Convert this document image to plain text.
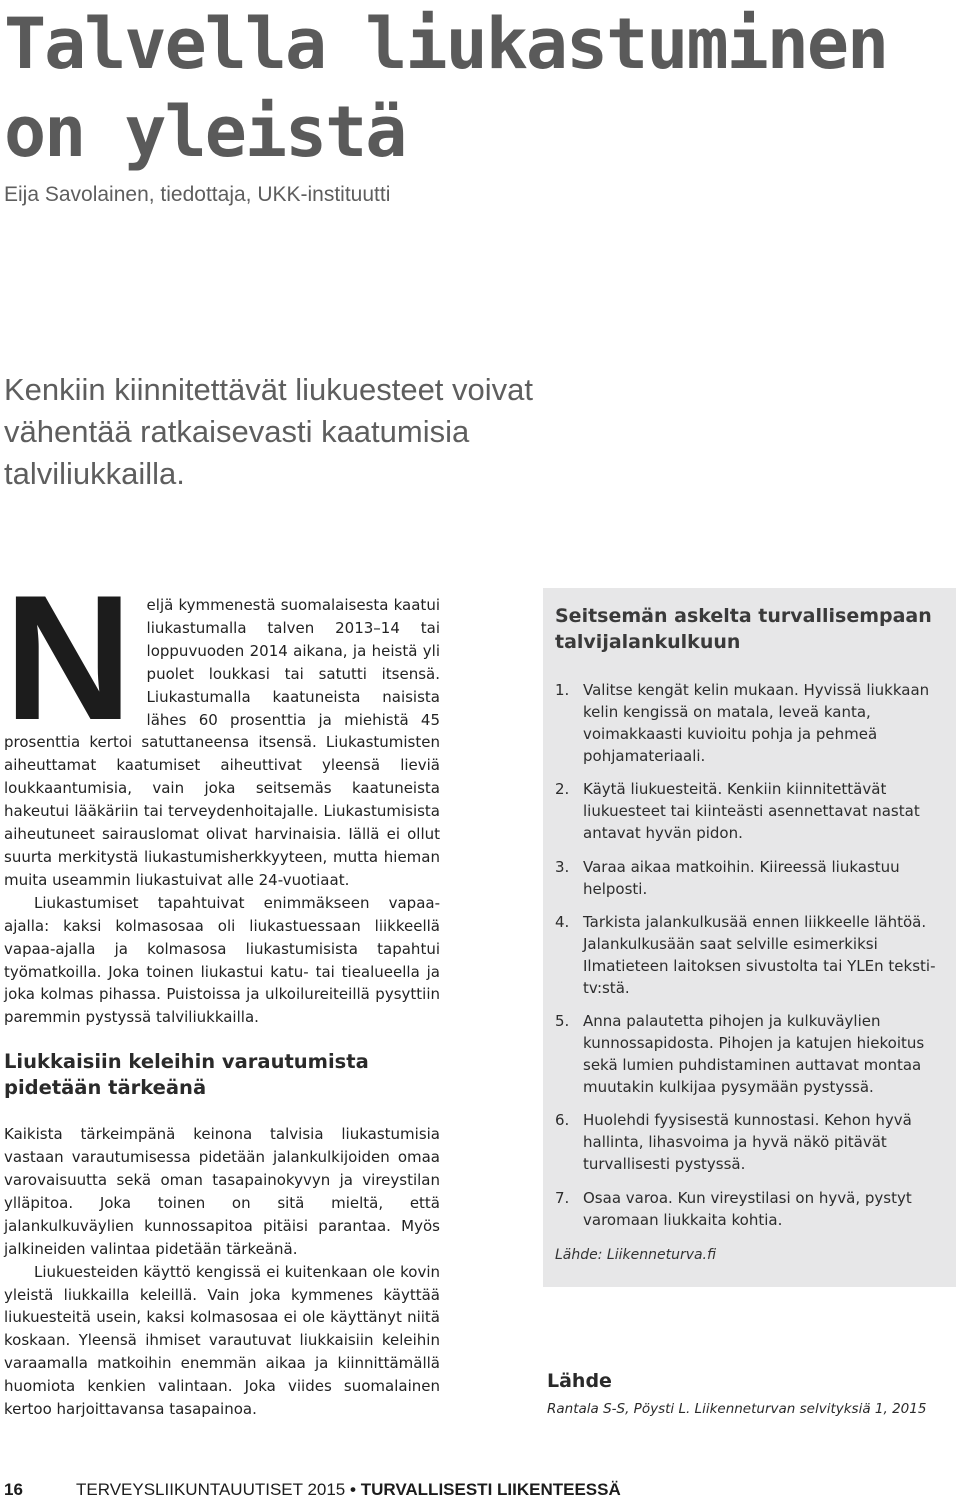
Talvella liukastuminen on yleistä

Eija Savolainen, tiedottaja, UKK-instituutti

Kenkiin kiinnitettävät liukuesteet voivat vähentää ratkaisevasti kaatumisia talviliukkailla.

Neljä kymmenestä suomalaisesta kaatui liukastumalla talven 2013–14 tai loppuvuoden 2014 aikana, ja heistä yli puolet loukkasi tai satutti itsensä. Liukastumalla kaatuneista naisista lähes 60 prosenttia ja miehistä 45 prosenttia kertoi satuttaneensa itsensä. Liukastumisten aiheuttamat kaatumiset aiheuttivat yleensä lieviä loukkaantumisia, vain joka seitsemäs kaatuneista hakeutui lääkäriin tai terveydenhoitajalle. Liukastumisista aiheutuneet sairauslomat olivat harvinaisia. Iällä ei ollut suurta merkitystä liukastumisherkkyyteen, mutta hieman muita useammin liukastuivat alle 24-vuotiaat.

Liukastumiset tapahtuivat enimmäkseen vapaa-ajalla: kaksi kolmasosaa oli liukastuessaan liikkeellä vapaa-ajalla ja kolmasosa liukastumisista tapahtui työmatkoilla. Joka toinen liukastui katu- tai tiealueella ja joka kolmas pihassa. Puistoissa ja ulkoilureiteillä pysyttiin paremmin pystyssä talviliukkailla.

Liukkaisiin keleihin varautumista pidetään tärkeänä

Kaikista tärkeimpänä keinona talvisia liukastumisia vastaan varautumisessa pidetään jalankulkijoiden omaa varovaisuutta sekä oman tasapainokyvyn ja vireystilan ylläpitoa. Joka toinen on sitä mieltä, että jalankulkuväylien kunnossapitoa pitäisi parantaa. Myös jalkineiden valintaa pidetään tärkeänä.

Liukuesteiden käyttö kengissä ei kuitenkaan ole kovin yleistä liukkailla keleillä. Vain joka kymmenes käyttää liukuesteitä usein, kaksi kolmasosaa ei ole käyttänyt niitä koskaan. Yleensä ihmiset varautuvat liukkaisiin keleihin varaamalla matkoihin enemmän aikaa ja kiinnittämällä huomiota kenkien valintaan. Joka viides suomalainen kertoo harjoittavansa tasapainoa.

Seitsemän askelta turvallisempaan talvijalankulkuun
1. Valitse kengät kelin mukaan. Hyvissä liukkaan kelin kengissä on matala, leveä kanta, voimakkaasti kuvioitu pohja ja pehmeä pohjamateriaali.
2. Käytä liukuesteitä. Kenkiin kiinnitettävät liukuesteet tai kiinteästi asennettavat nastat antavat hyvän pidon.
3. Varaa aikaa matkoihin. Kiireessä liukastuu helposti.
4. Tarkista jalankulkusää ennen liikkeelle lähtöä. Jalankulkusään saat selville esimerkiksi Ilmatieteen laitoksen sivustolta tai YLEn teksti-tv:stä.
5. Anna palautetta pihojen ja kulkuväylien kunnossapidosta. Pihojen ja katujen hiekoitus sekä lumien puhdistaminen auttavat montaa muutakin kulkijaa pysymään pystyssä.
6. Huolehdi fyysisestä kunnostasi. Kehon hyvä hallinta, lihasvoima ja hyvä näkö pitävät turvallisesti pystyssä.
7. Osaa varoa. Kun vireystilasi on hyvä, pystyt varomaan liukkaita kohtia.

Lähde: Liikenneturva.fi

Lähde

Rantala S-S, Pöysti L. Liikenneturvan selvityksiä 1, 2015

16	TERVEYSLIIKUNTAUUTISET 2015 • TURVALLISESTI LIIKENTEESSÄ
